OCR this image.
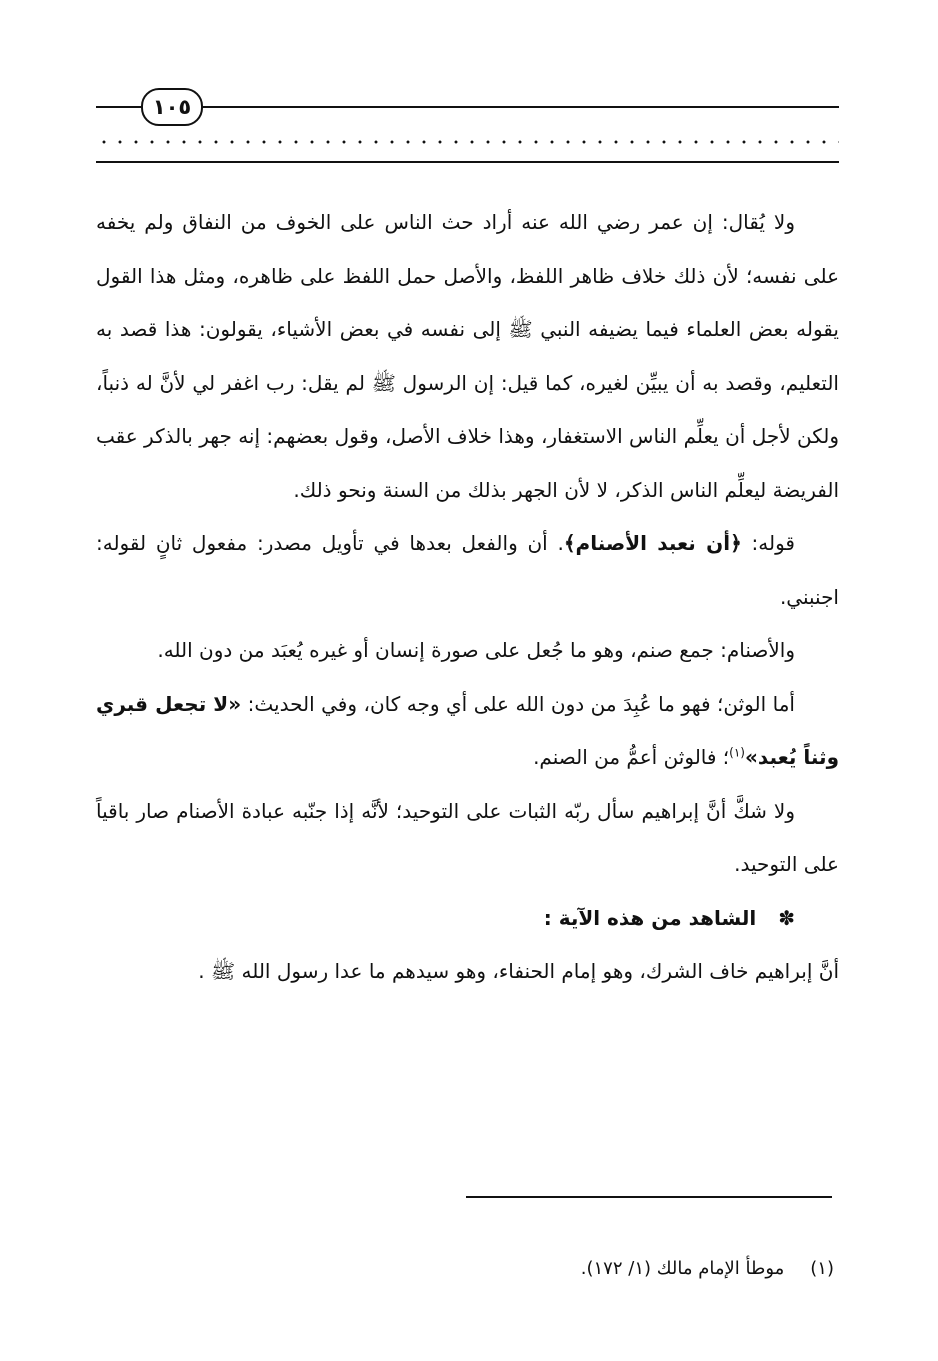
١٠٥

ولا يُقال: إن عمر رضي الله عنه أراد حث الناس على الخوف من النفاق ولم يخفه على نفسه؛ لأن ذلك خلاف ظاهر اللفظ، والأصل حمل اللفظ على ظاهره، ومثل هذا القول يقوله بعض العلماء فيما يضيفه النبي ﷺ إلى نفسه في بعض الأشياء، يقولون: هذا قصد به التعليم، وقصد به أن يبيِّن لغيره، كما قيل: إن الرسول ﷺ لم يقل: رب اغفر لي لأنَّ له ذنباً، ولكن لأجل أن يعلِّم الناس الاستغفار، وهذا خلاف الأصل، وقول بعضهم: إنه جهر بالذكر عقب الفريضة ليعلِّم الناس الذكر، لا لأن الجهر بذلك من السنة ونحو ذلك.

قوله: ﴿أن نعبد الأصنام﴾. أن والفعل بعدها في تأويل مصدر: مفعول ثانٍ لقوله: اجنبني.

والأصنام: جمع صنم، وهو ما جُعل على صورة إنسان أو غيره يُعبَد من دون الله.

أما الوثن؛ فهو ما عُبِدَ من دون الله على أي وجه كان، وفي الحديث: «لا تجعل قبري وثناً يُعبد»$^{(١)}$؛ فالوثن أعمُّ من الصنم.

ولا شكَّ أنَّ إبراهيم سأل ربّه الثبات على التوحيد؛ لأنَّه إذا جنّبه عبادة الأصنام صار باقياً على التوحيد.

✽
الشاهد من هذه الآية :

أنَّ إبراهيم خاف الشرك، وهو إمام الحنفاء، وهو سيدهم ما عدا رسول الله ﷺ .

(١)موطأ الإمام مالك (١/ ١٧٢).
